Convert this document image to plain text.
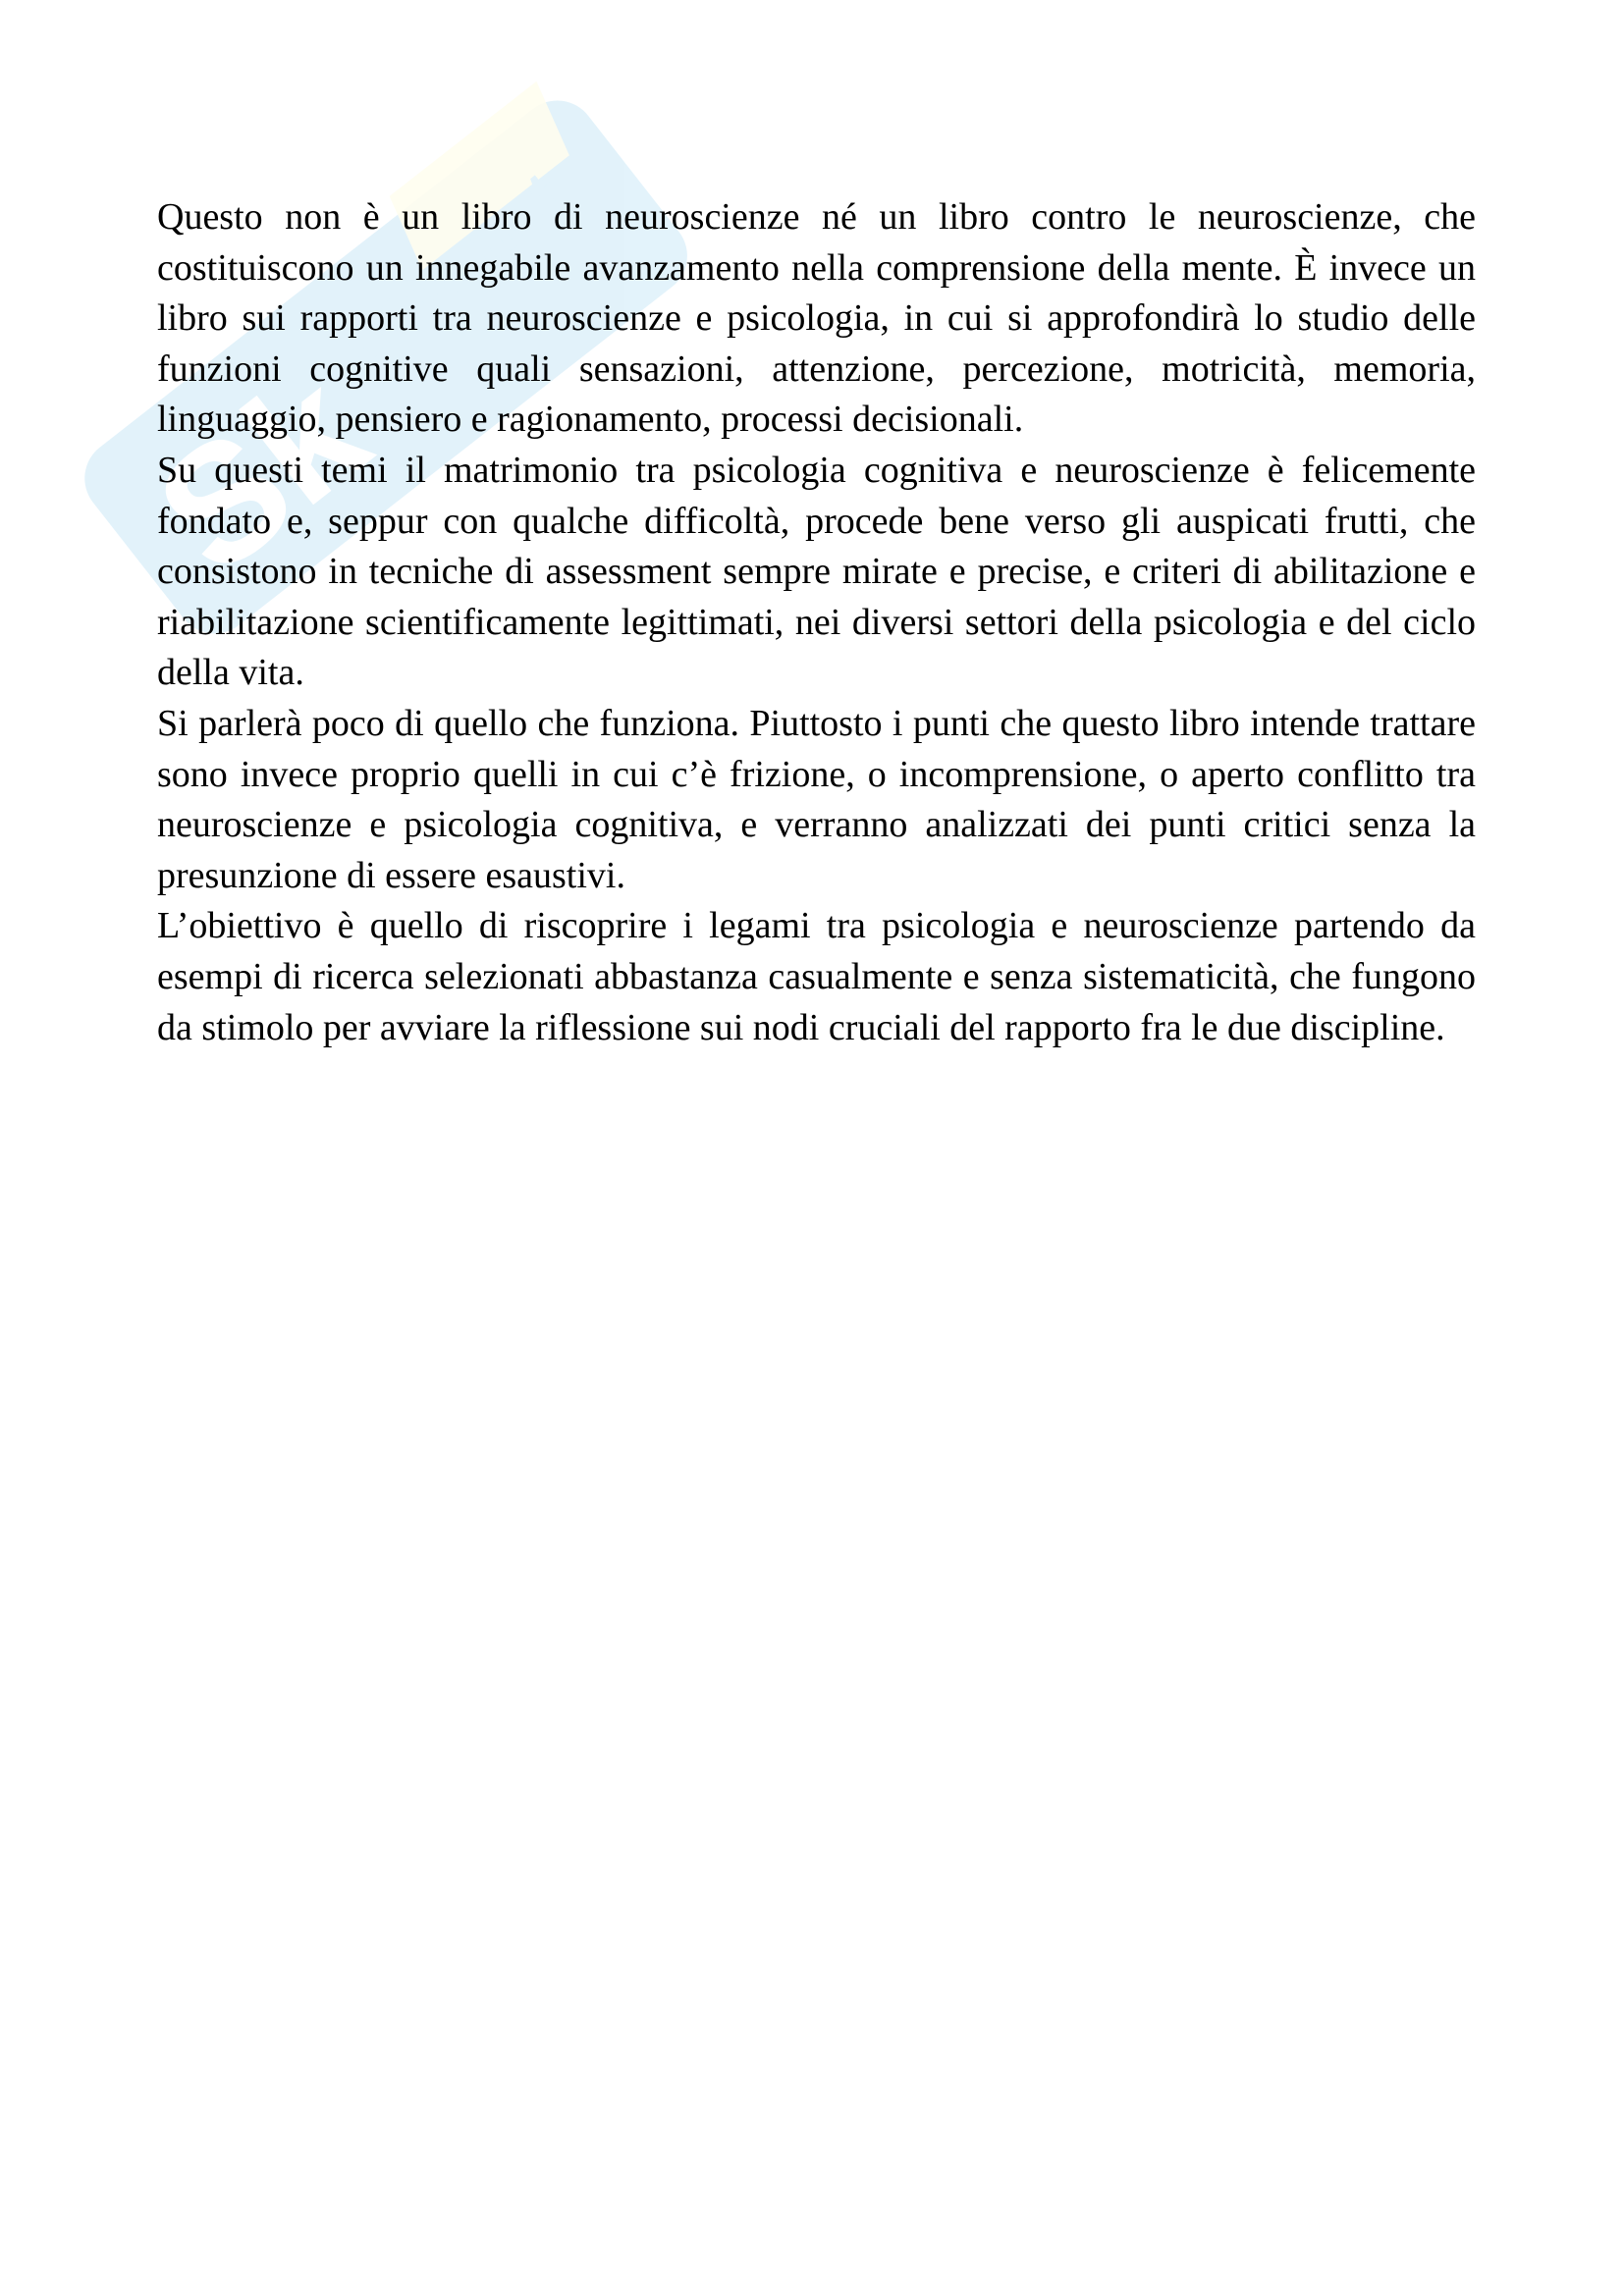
Sk
uola.net

Questo non è un libro di neuroscienze né un libro contro le neuroscienze, che costituiscono un innegabile avanzamento nella comprensione della mente. È invece un libro sui rapporti tra neuroscienze e psicologia, in cui si approfondirà lo studio delle funzioni cognitive quali sensazioni, attenzione, percezione, motricità, memoria, linguaggio, pensiero e ragionamento, processi decisionali.

Su questi temi il matrimonio tra psicologia cognitiva e neuroscienze è felicemente fondato e, seppur con qualche difficoltà, procede bene verso gli auspicati frutti, che consistono in tecniche di assessment sempre mirate e precise, e criteri di abilitazione e riabilitazione scientificamente legittimati, nei diversi settori della psicologia e del ciclo della vita.

Si parlerà poco di quello che funziona. Piuttosto i punti che questo libro intende trattare sono invece proprio quelli in cui c’è frizione, o incomprensione, o aperto conflitto tra neuroscienze e psicologia cognitiva, e verranno analizzati dei punti critici senza la presunzione di essere esaustivi.

L’obiettivo è quello di riscoprire i legami tra psicologia e neuroscienze partendo da esempi di ricerca selezionati abbastanza casualmente e senza sistematicità, che fungono da stimolo per avviare la riflessione sui nodi cruciali del rapporto fra le due discipline.
